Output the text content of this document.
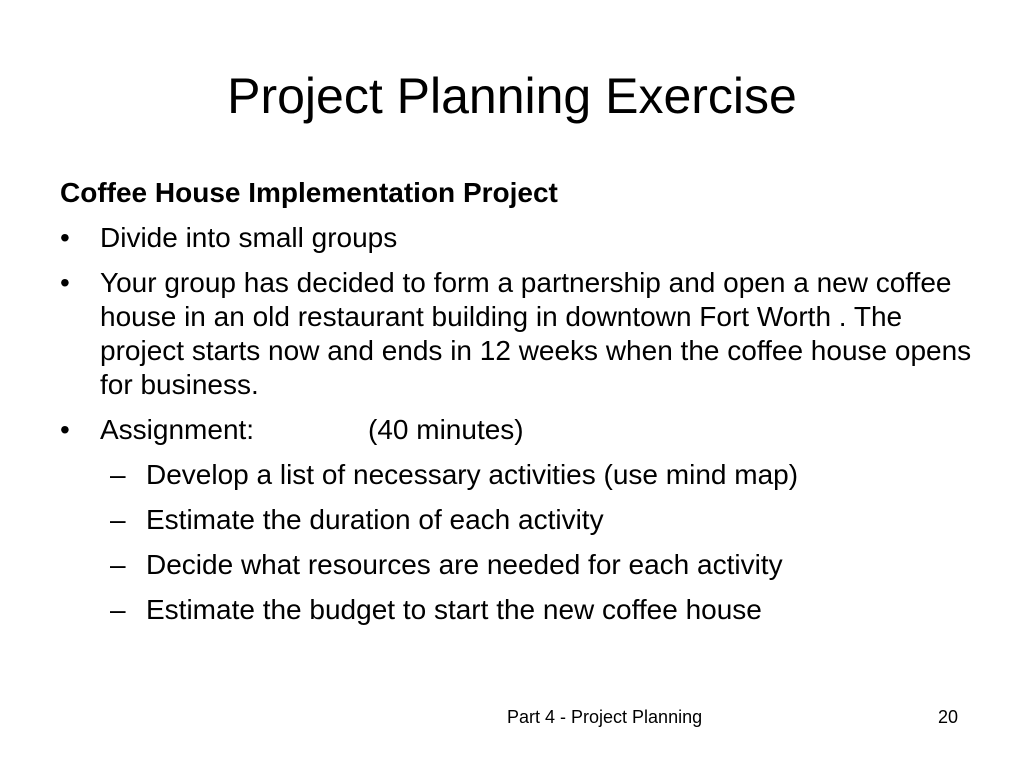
Project Planning Exercise
Coffee House Implementation Project
•	Divide into small groups
•	Your group has decided to form a partnership and open a new coffee house in an old restaurant building in downtown Fort Worth . The project starts now and ends in 12 weeks when the coffee house opens for business.
•	Assignment:	(40 minutes)
– Develop a list of necessary activities (use mind map)
– Estimate the duration of each activity
– Decide what resources are needed for each activity
– Estimate the budget to start the new coffee house
Part 4 - Project Planning	20
